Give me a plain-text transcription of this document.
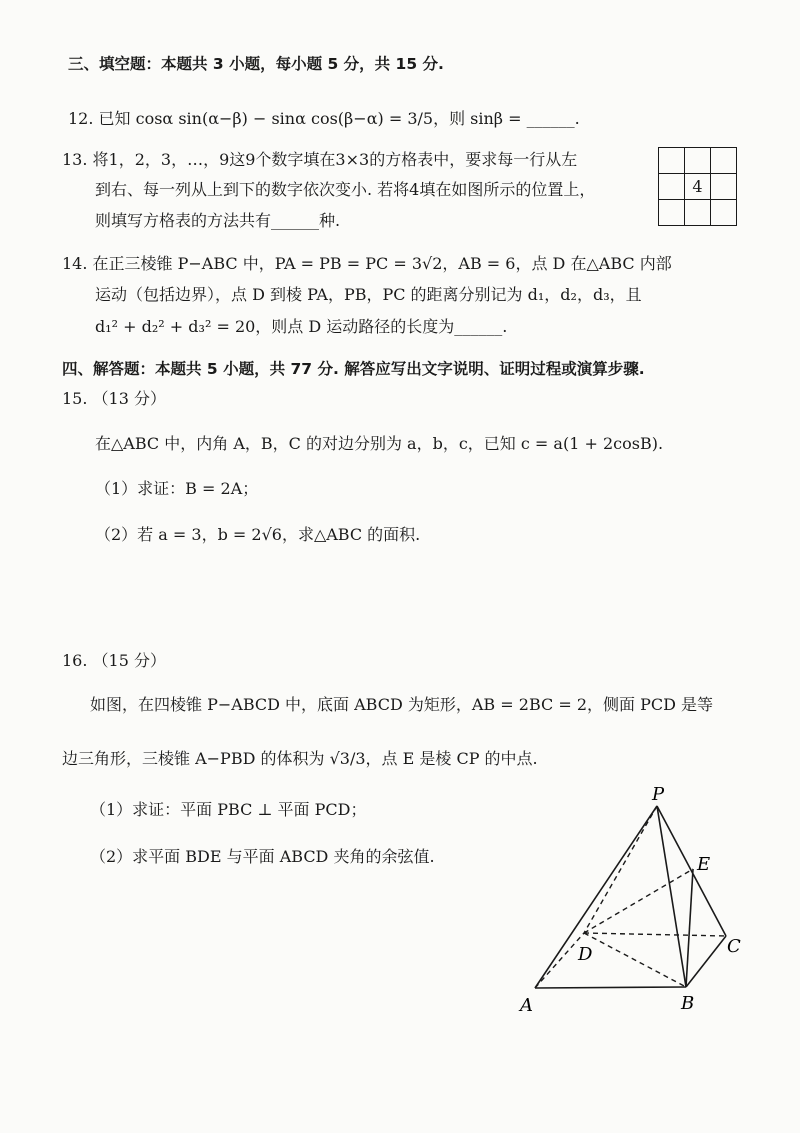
三、填空题：本题共 3 小题，每小题 5 分，共 15 分.
12. 已知 cosα sin(α−β) − sinα cos(β−α) = 3/5，则 sinβ = ______.
13. 将1，2，3，…，9这9个数字填在3×3的方格表中，要求每一行从左
到右、每一列从上到下的数字依次变小. 若将4填在如图所示的位置上，
则填写方格表的方法共有______种.

	4	

14. 在正三棱锥 P−ABC 中，PA = PB = PC = 3√2，AB = 6，点 D 在△ABC 内部
运动（包括边界），点 D 到棱 PA，PB，PC 的距离分别记为 d₁，d₂，d₃，且
d₁² + d₂² + d₃² = 20，则点 D 运动路径的长度为______.
四、解答题：本题共 5 小题，共 77 分. 解答应写出文字说明、证明过程或演算步骤.
15. （13 分）
在△ABC 中，内角 A，B，C 的对边分别为 a，b，c，已知 c = a(1 + 2cosB).
（1）求证：B = 2A；
（2）若 a = 3，b = 2√6，求△ABC 的面积.
16. （15 分）
如图，在四棱锥 P−ABCD 中，底面 ABCD 为矩形，AB = 2BC = 2，侧面 PCD 是等
边三角形，三棱锥 A−PBD 的体积为 √3/3，点 E 是棱 CP 的中点.
（1）求证：平面 PBC ⊥ 平面 PCD；
（2）求平面 BDE 与平面 ABCD 夹角的余弦值.
P
E
C
D
A	B
